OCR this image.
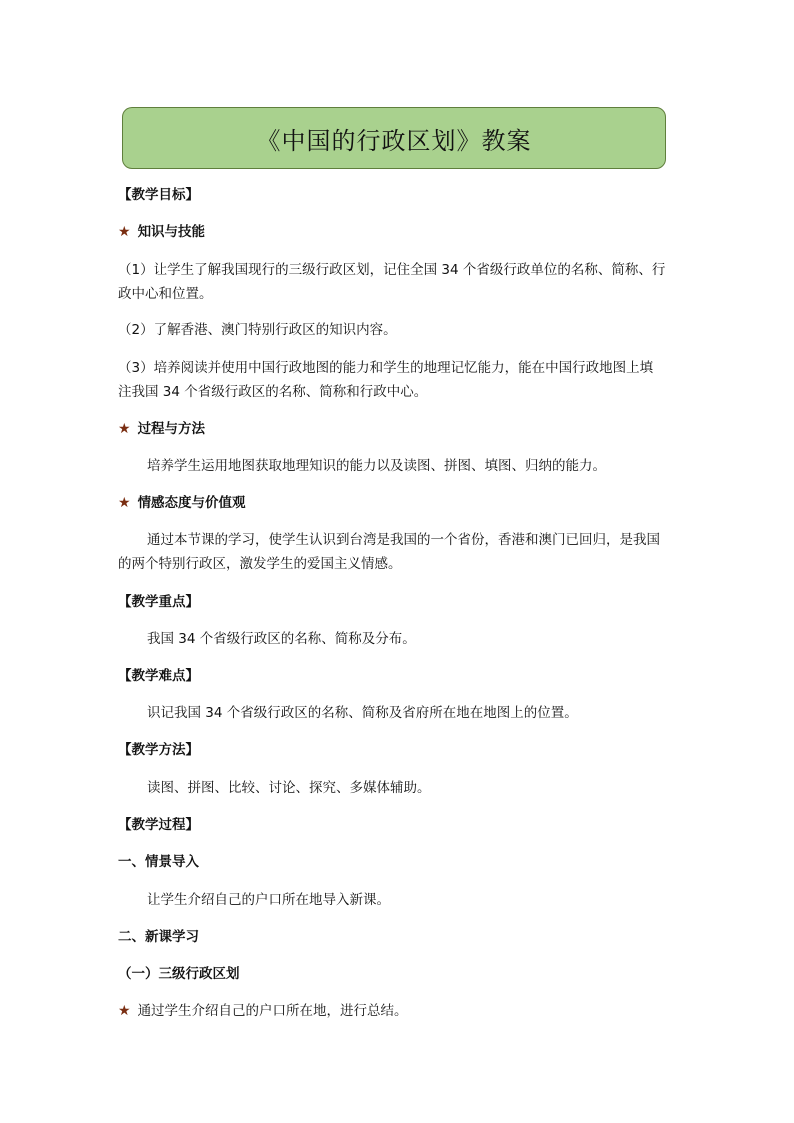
《中国的行政区划》教案
【教学目标】
★ 知识与技能
（1）让学生了解我国现行的三级行政区划，记住全国 34 个省级行政单位的名称、简称、行
政中心和位置。
（2）了解香港、澳门特别行政区的知识内容。
（3）培养阅读并使用中国行政地图的能力和学生的地理记忆能力，能在中国行政地图上填
注我国 34 个省级行政区的名称、简称和行政中心。
★ 过程与方法
培养学生运用地图获取地理知识的能力以及读图、拼图、填图、归纳的能力。
★ 情感态度与价值观
通过本节课的学习，使学生认识到台湾是我国的一个省份，香港和澳门已回归，是我国
的两个特别行政区，激发学生的爱国主义情感。
【教学重点】
我国 34 个省级行政区的名称、简称及分布。
【教学难点】
识记我国 34 个省级行政区的名称、简称及省府所在地在地图上的位置。
【教学方法】
读图、拼图、比较、讨论、探究、多媒体辅助。
【教学过程】
一、情景导入
让学生介绍自己的户口所在地导入新课。
二、新课学习
（一）三级行政区划
★ 通过学生介绍自己的户口所在地，进行总结。
